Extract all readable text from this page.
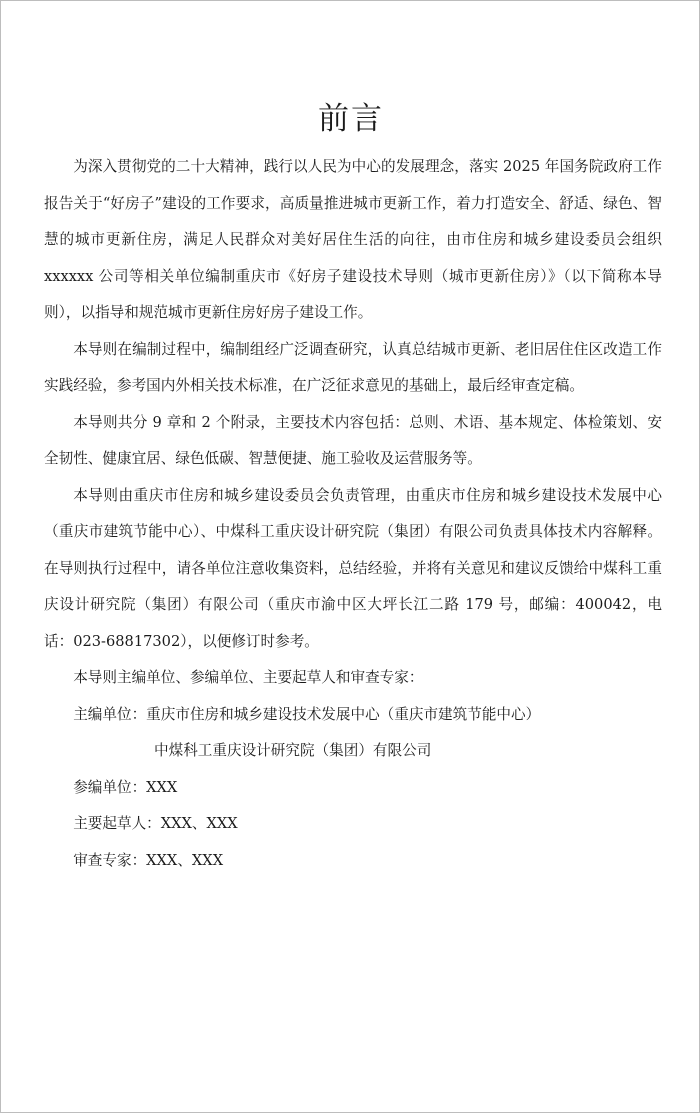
前言

为深入贯彻党的二十大精神，践行以人民为中心的发展理念，落实 2025 年国务院政府工作报告关于“好房子”建设的工作要求，高质量推进城市更新工作，着力打造安全、舒适、绿色、智慧的城市更新住房，满足人民群众对美好居住生活的向往，由市住房和城乡建设委员会组织 xxxxxx 公司等相关单位编制重庆市《好房子建设技术导则（城市更新住房）》（以下简称本导则），以指导和规范城市更新住房好房子建设工作。

本导则在编制过程中，编制组经广泛调查研究，认真总结城市更新、老旧居住住区改造工作实践经验，参考国内外相关技术标准，在广泛征求意见的基础上，最后经审查定稿。

本导则共分 9 章和 2 个附录，主要技术内容包括：总则、术语、基本规定、体检策划、安全韧性、健康宜居、绿色低碳、智慧便捷、施工验收及运营服务等。

本导则由重庆市住房和城乡建设委员会负责管理，由重庆市住房和城乡建设技术发展中心（重庆市建筑节能中心）、中煤科工重庆设计研究院（集团）有限公司负责具体技术内容解释。在导则执行过程中，请各单位注意收集资料，总结经验，并将有关意见和建议反馈给中煤科工重庆设计研究院（集团）有限公司（重庆市渝中区大坪长江二路 179 号，邮编：400042，电话：023-68817302），以便修订时参考。

本导则主编单位、参编单位、主要起草人和审查专家：

主编单位：重庆市住房和城乡建设技术发展中心（重庆市建筑节能中心）

中煤科工重庆设计研究院（集团）有限公司

参编单位：XXX

主要起草人：XXX、XXX

审查专家：XXX、XXX
